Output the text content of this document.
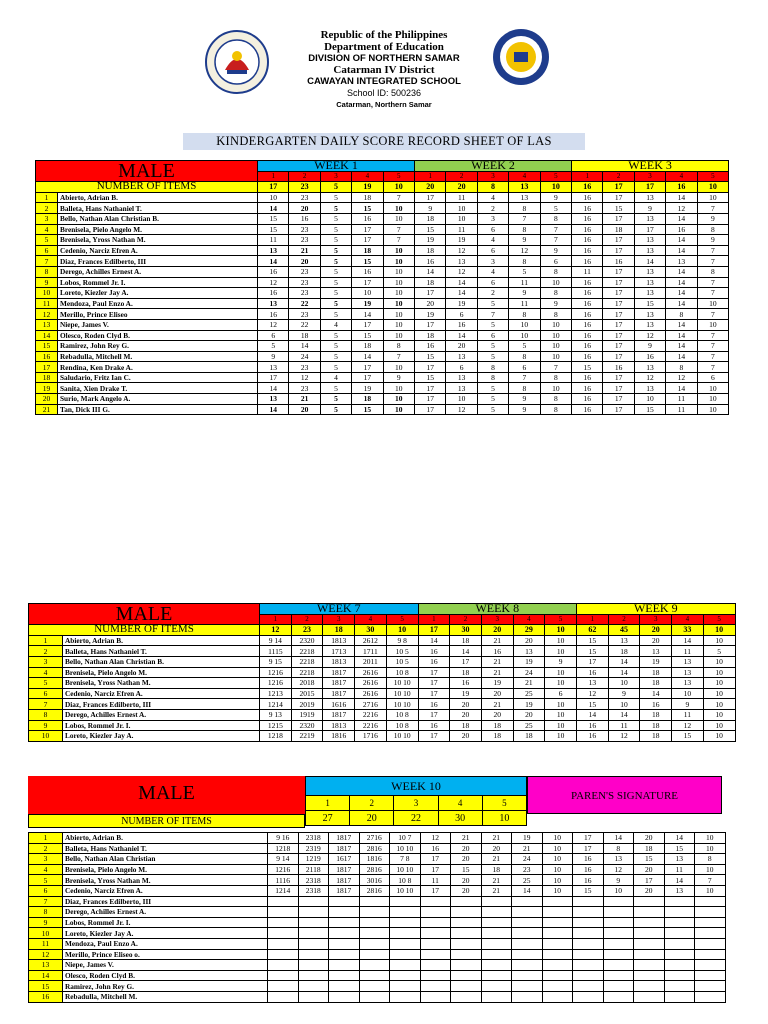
Republic of the Philippines
Department of Education
DIVISION OF NORTHERN SAMAR
Catarman IV District
CAWAYAN INTEGRATED SCHOOL
School ID: 500236
Catarman, Northern Samar
KINDERGARTEN DAILY SCORE RECORD SHEET OF LAS
MALE		WEEK 1					WEEK 2					WEEK 3				
		1	2	3	4	5	1	2	3	4	5	1	2	3	4	5
NUMBER OF ITEMS		17	23	5	19	10	20	20	8	13	10	16	17	17	16	10
1	Abierto, Adrian B.	10	23	5	18	7	17	11	4	13	9	16	17	13	14	10
2	Balleta, Hans Nathaniel T.	14	20	5	15	10	9	10	2	8	5	16	15	9	12	7
3	Bello, Nathan Alan Christian B.	15	16	5	16	10	18	10	3	7	8	16	17	13	14	9
4	Brenisela, Pielo Angelo M.	15	23	5	17	7	15	11	6	8	7	16	18	17	16	8
5	Brenisela, Yross Nathan M.	11	23	5	17	7	19	19	4	9	7	16	17	13	14	9
6	Cedenio, Narciz Efren A.	13	21	5	18	10	18	12	6	12	9	16	17	13	14	7
7	Diaz, Frances Edilberto, III	14	20	5	15	10	16	13	3	8	6	16	16	14	13	7
8	Derego, Achilles Ernest A.	16	23	5	16	10	14	12	4	5	8	11	17	13	14	8
9	Lobos, Rommel Jr. I.	12	23	5	17	10	18	14	6	11	10	16	17	13	14	7
10	Loreto, Kiezler Jay A.	16	23	5	10	10	17	14	2	9	8	16	17	13	14	7
11	Mendoza, Paul Enzo A.	13	22	5	19	10	20	19	5	11	9	16	17	15	14	10
12	Merillo, Prince Eliseo	16	23	5	14	10	19	6	7	8	8	16	17	13	8	7
13	Niepe, James V.	12	22	4	17	10	17	16	5	10	10	16	17	13	14	10
14	Olesco, Roden Clyd B.	6	18	5	15	10	18	14	6	10	10	16	17	12	14	7
15	Ramirez, John Rey G.	5	14	5	18	8	16	20	5	5	10	16	17	9	14	7
16	Rebadulla, Mitchell M.	9	24	5	14	7	15	13	5	8	10	16	17	16	14	7
17	Rendina, Ken Drake A.	13	23	5	17	10	17	6	8	6	7	15	16	13	8	7
18	Saludario, Fritz Ian C.	17	12	4	17	9	15	13	8	7	8	16	17	12	12	6
19	Sanita, Xien Drake T.	14	23	5	19	10	17	13	5	8	10	16	17	13	14	10
20	Surio, Mark Angelo A.	13	21	5	18	10	17	10	5	9	8	16	17	10	11	10
21	Tan, Dick III G.	14	20	5	15	10	17	12	5	9	8	16	17	15	11	10
MALE		WEEK 7					WEEK 8					WEEK 9				
		1	2	3	4	5	1	2	3	4	5	1	2	3	4	5
NUMBER OF ITEMS		12	23	18	30	10	17	30	20	29	10	62	45	20	33	10
1	Abierto, Adrian B.	9 14	2320	1813	2612	9 8	14	18	21	20	10	15	13	20	14	10
2	Balleta, Hans Nathaniel T.	1115	2218	1713	1711	10 5	16	14	16	13	10	15	18	13	11	5
3	Bello, Nathan Alan Christian B.	9 15	2218	1813	2011	10 5	16	17	21	19	9	17	14	19	13	10
4	Brenisela, Pielo Angelo M.	1216	2218	1817	2616	10 8	17	18	21	24	10	16	14	18	13	10
5	Brenisela, Yross Nathan M.	1216	2018	1817	2616	10 10	17	16	19	21	10	13	10	18	13	10
6	Cedenio, Narciz Efren A.	1213	2015	1817	2616	10 10	17	19	20	25	6	12	9	14	10	10
7	Diaz, Frances Edilberto, III	1214	2019	1616	2716	10 10	16	20	21	19	10	15	10	16	9	10
8	Derego, Achilles Ernest A.	9 13	1919	1817	2216	10 8	17	20	20	20	10	14	14	18	11	10
9	Lobos, Rommel Jr. I.	1215	2320	1813	2216	10 8	16	18	18	25	10	16	11	18	12	10
10	Loreto, Kiezler Jay A.	1218	2219	1816	1716	10 10	17	20	18	18	10	16	12	18	15	10
MALE	WEEK 10				
1	2	3	4	5
27	20	22	30	10
PAREN'S SIGNATURE
NUMBER OF ITEMS
1	Abierto, Adrian B.	9 16	2318	1817	2716	10 7	12	21	21	19	10	17	14	20	14	10
2	Balleta, Hans Nathaniel T.	1218	2319	1817	2816	10 10	16	20	20	21	10	17	8	18	15	10
3	Bello, Nathan Alan Christian	9 14	1219	1617	1816	7 8	17	20	21	24	10	16	13	15	13	8
4	Brenisela, Pielo Angelo M.	1216	2118	1817	2816	10 10	17	15	18	23	10	16	12	20	11	10
5	Brenisela, Yross Nathan M.	1116	2318	1817	3016	10 8	11	20	21	25	10	16	9	17	14	7
6	Cedenio, Narciz Efren A.	1214	2318	1817	2816	10 10	17	20	21	14	10	15	10	20	13	10
7	Diaz, Frances Edilberto, III															
8	Derego, Achilles Ernest A.															
9	Lobos, Rommel Jr. I.															
10	Loreto, Kiezler Jay A.															
11	Mendoza, Paul Enzo A.															
12	Merillo, Prince Eliseo o.															
13	Niepe, James V.															
14	Olesco, Roden Clyd B.															
15	Ramirez, John Rey G.															
16	Rebadulla, Mitchell M.															
